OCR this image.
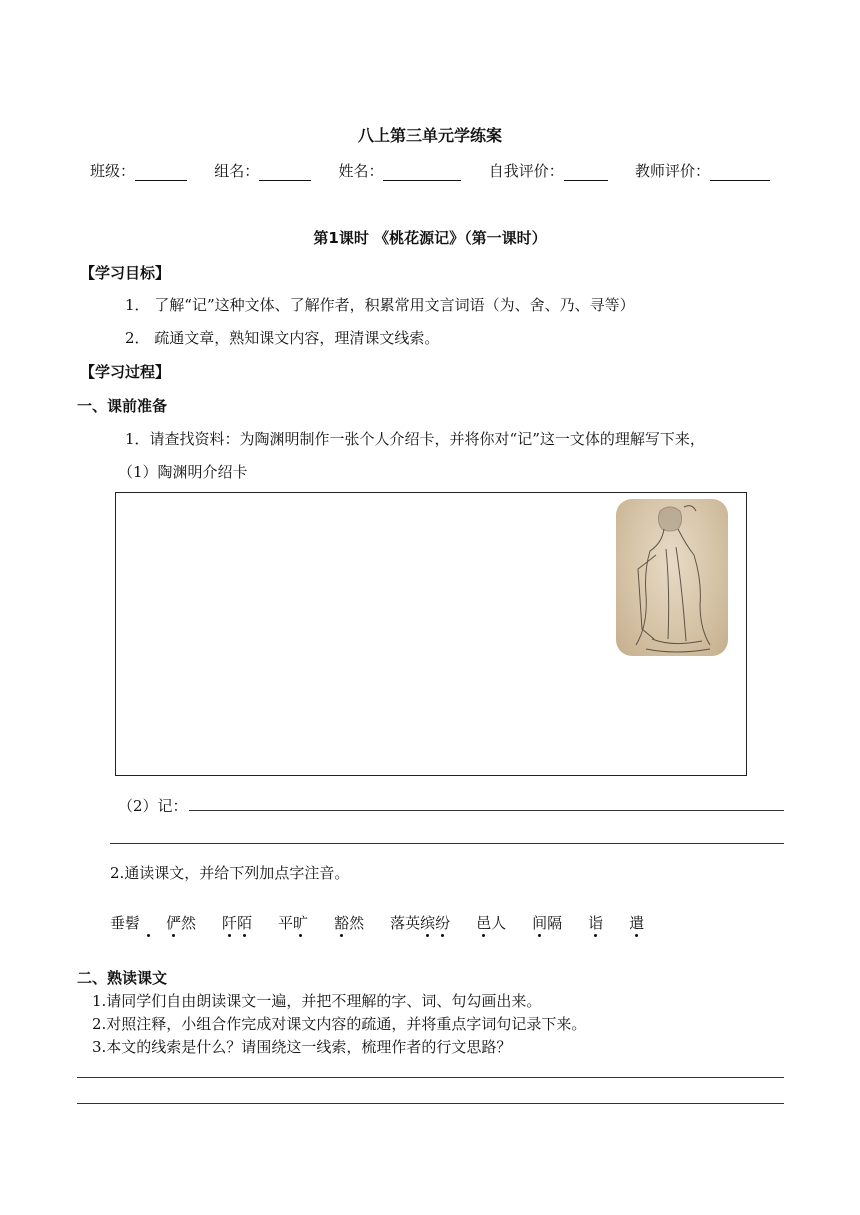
八上第三单元学练案
班级：	组名：	姓名：	自我评价：	教师评价：
第1课时 《桃花源记》（第一课时）
【学习目标】
1． 了解“记”这种文体、了解作者，积累常用文言词语（为、舍、乃、寻等）
2． 疏通文章，熟知课文内容，理清课文线索。
【学习过程】
一、课前准备
1．请查找资料：为陶渊明制作一张个人介绍卡，并将你对“记”这一文体的理解写下来，
（1）陶渊明介绍卡
（2）记：
2.通读课文，并给下列加点字注音。
垂髫 俨然 阡陌 平旷 豁然 落英缤纷 邑人 间隔 诣 遣
二、熟读课文
1.请同学们自由朗读课文一遍，并把不理解的字、词、句勾画出来。
2.对照注释，小组合作完成对课文内容的疏通，并将重点字词句记录下来。
3.本文的线索是什么？请围绕这一线索，梳理作者的行文思路？
